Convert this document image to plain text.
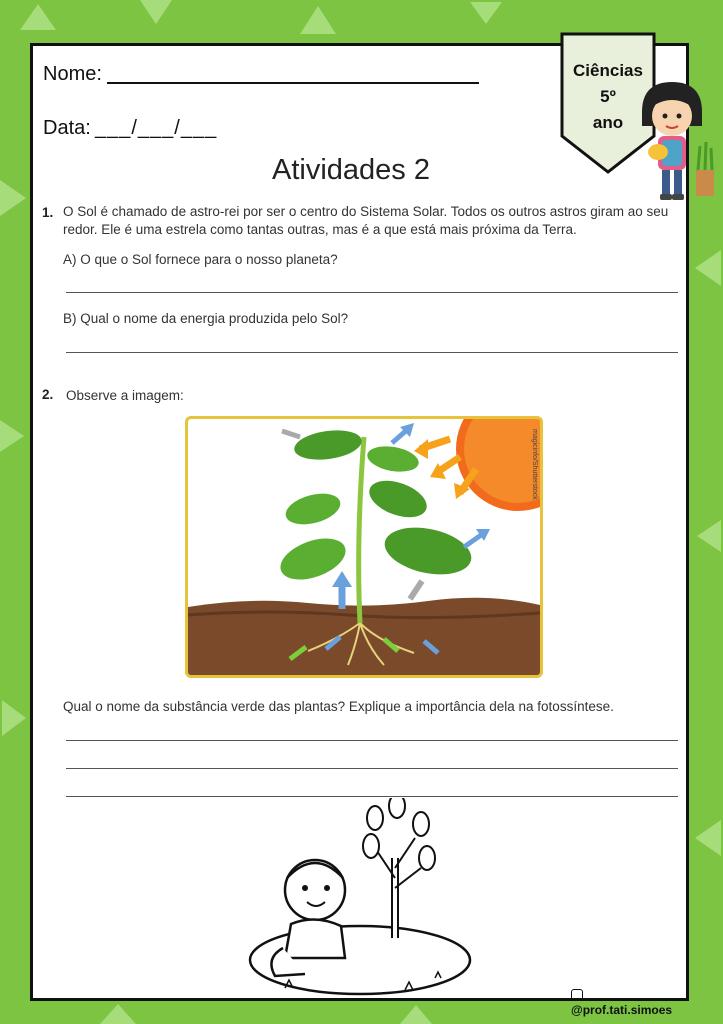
Nome:
Data: ___/___/___
Atividades 2
1. O Sol é chamado de astro-rei por ser o centro do Sistema Solar. Todos os outros astros giram ao seu redor. Ele é uma estrela como tantas outras, mas é a que está mais próxima da Terra.
A) O que o Sol fornece para o nosso planeta?
B) Qual o nome da energia produzida pelo Sol?
2. Observe a imagem:
magicinfo/Shutterstock
Qual o nome da substância verde das plantas? Explique a importância dela na fotossíntese.
@prof.tati.simoes
Ciências
5º
ano
